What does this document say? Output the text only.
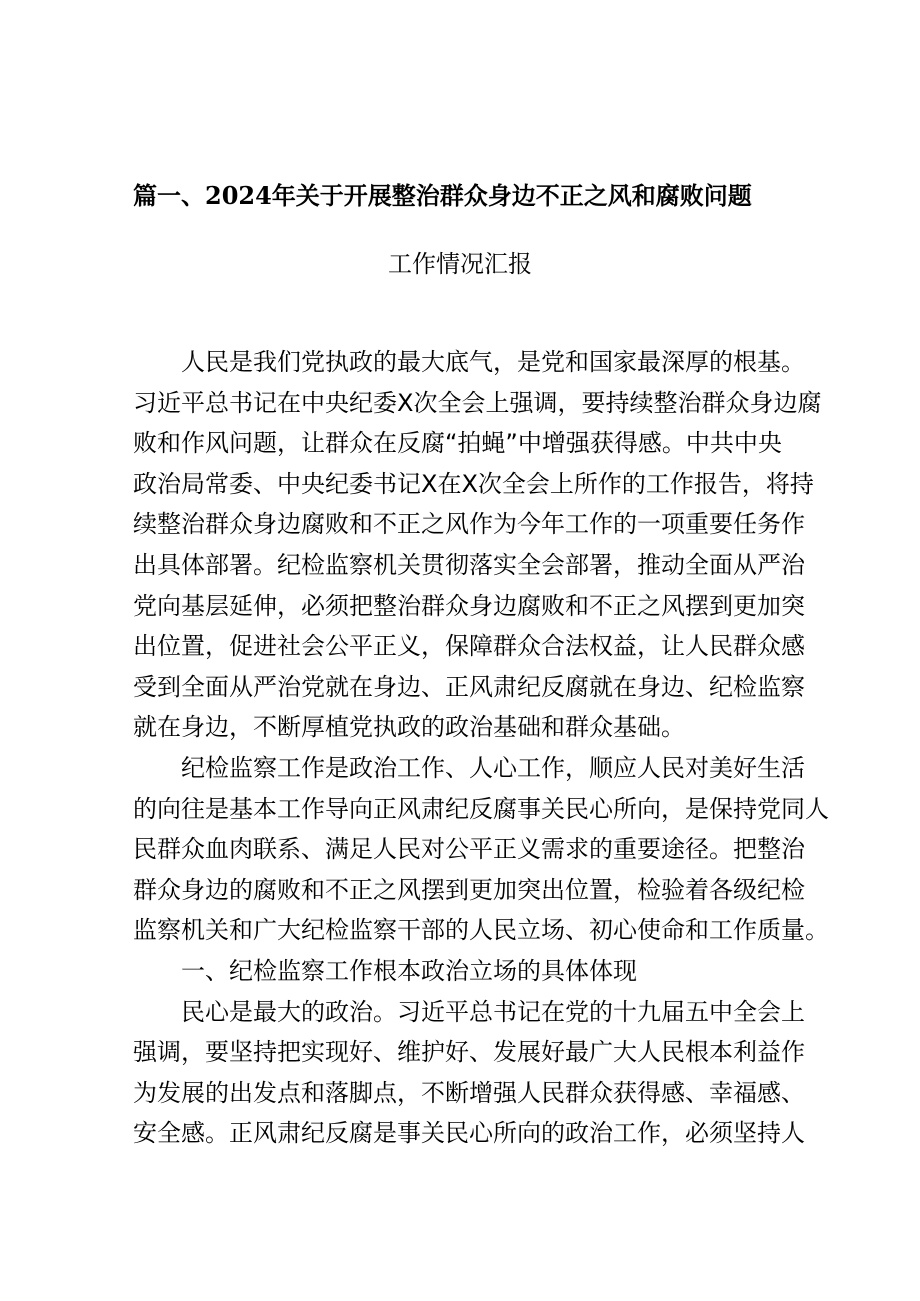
篇一、2024年关于开展整治群众身边不正之风和腐败问题
工作情况汇报
人民是我们党执政的最大底气，是党和国家最深厚的根基。
习近平总书记在中央纪委X次全会上强调，要持续整治群众身边腐
败和作风问题，让群众在反腐“拍蝇”中增强获得感。中共中央
政治局常委、中央纪委书记X在X次全会上所作的工作报告，将持
续整治群众身边腐败和不正之风作为今年工作的一项重要任务作
出具体部署。纪检监察机关贯彻落实全会部署，推动全面从严治
党向基层延伸，必须把整治群众身边腐败和不正之风摆到更加突
出位置，促进社会公平正义，保障群众合法权益，让人民群众感
受到全面从严治党就在身边、正风肃纪反腐就在身边、纪检监察
就在身边，不断厚植党执政的政治基础和群众基础。
纪检监察工作是政治工作、人心工作，顺应人民对美好生活
的向往是基本工作导向正风肃纪反腐事关民心所向，是保持党同人
民群众血肉联系、满足人民对公平正义需求的重要途径。把整治
群众身边的腐败和不正之风摆到更加突出位置，检验着各级纪检
监察机关和广大纪检监察干部的人民立场、初心使命和工作质量。
一、纪检监察工作根本政治立场的具体体现
民心是最大的政治。习近平总书记在党的十九届五中全会上
强调，要坚持把实现好、维护好、发展好最广大人民根本利益作
为发展的出发点和落脚点，不断增强人民群众获得感、幸福感、
安全感。正风肃纪反腐是事关民心所向的政治工作，必须坚持人
